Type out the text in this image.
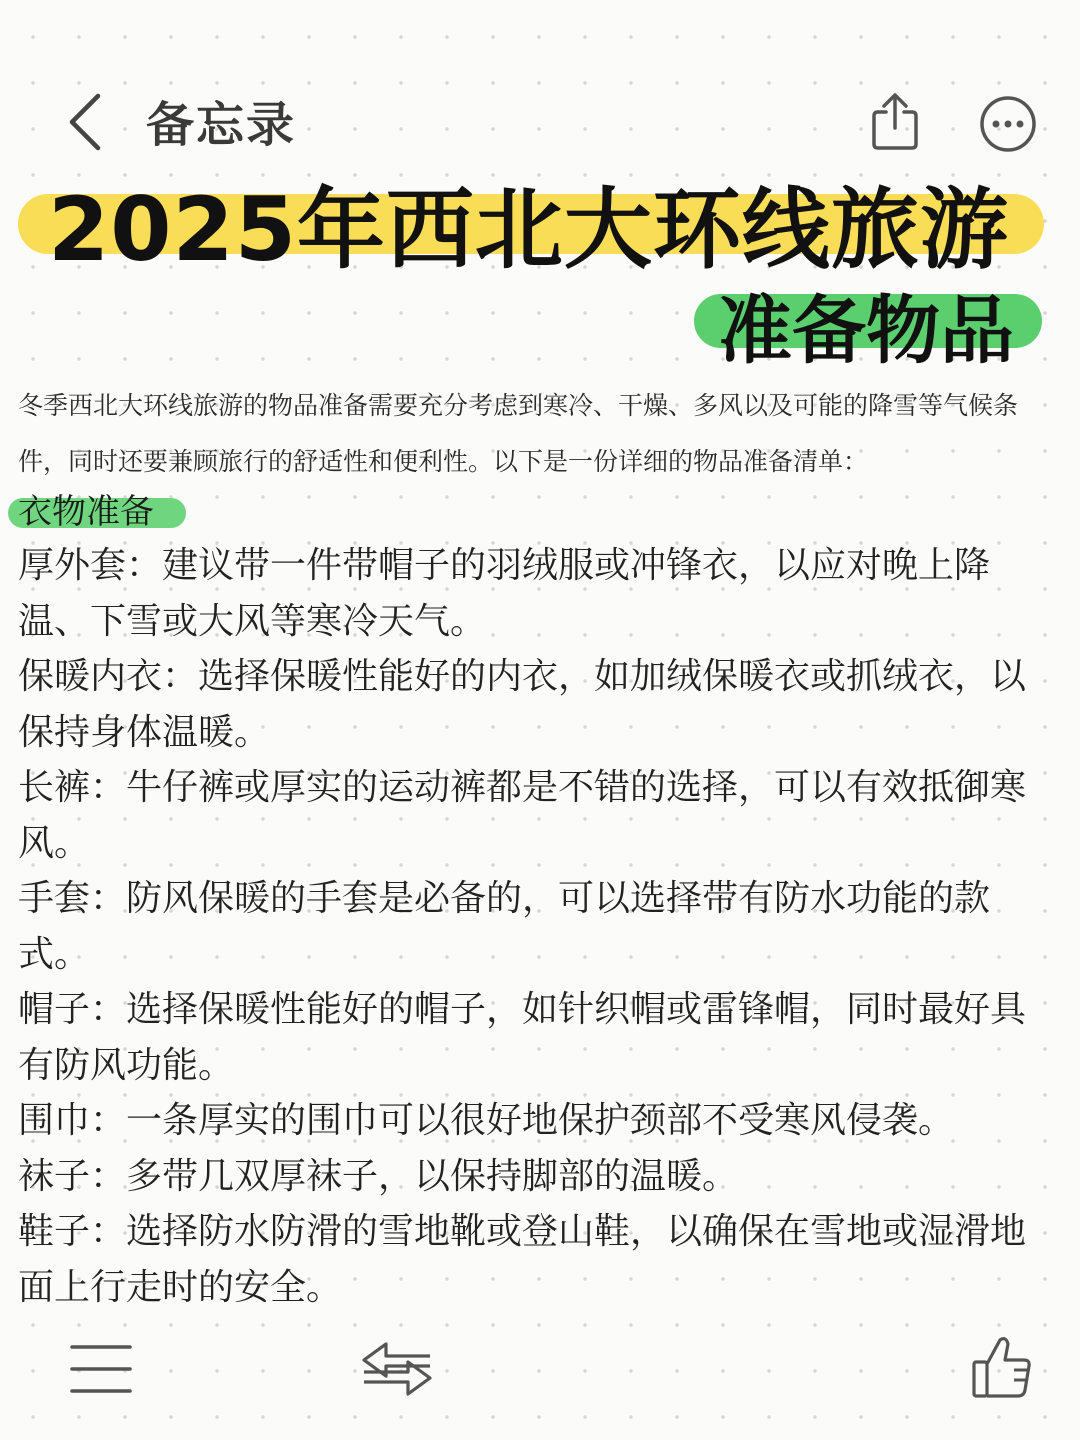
备忘录
2025年西北大环线旅游
准备物品
冬季西北大环线旅游的物品准备需要充分考虑到寒冷、干燥、多风以及可能的降雪等气候条件，同时还要兼顾旅行的舒适性和便利性。以下是一份详细的物品准备清单：
衣物准备
厚外套：建议带一件带帽子的羽绒服或冲锋衣，以应对晚上降温、下雪或大风等寒冷天气。
保暖内衣：选择保暖性能好的内衣，如加绒保暖衣或抓绒衣，以保持身体温暖。
长裤：牛仔裤或厚实的运动裤都是不错的选择，可以有效抵御寒风。
手套：防风保暖的手套是必备的，可以选择带有防水功能的款式。
帽子：选择保暖性能好的帽子，如针织帽或雷锋帽，同时最好具有防风功能。
围巾：一条厚实的围巾可以很好地保护颈部不受寒风侵袭。
袜子：多带几双厚袜子，以保持脚部的温暖。
鞋子：选择防水防滑的雪地靴或登山鞋，以确保在雪地或湿滑地面上行走时的安全。
